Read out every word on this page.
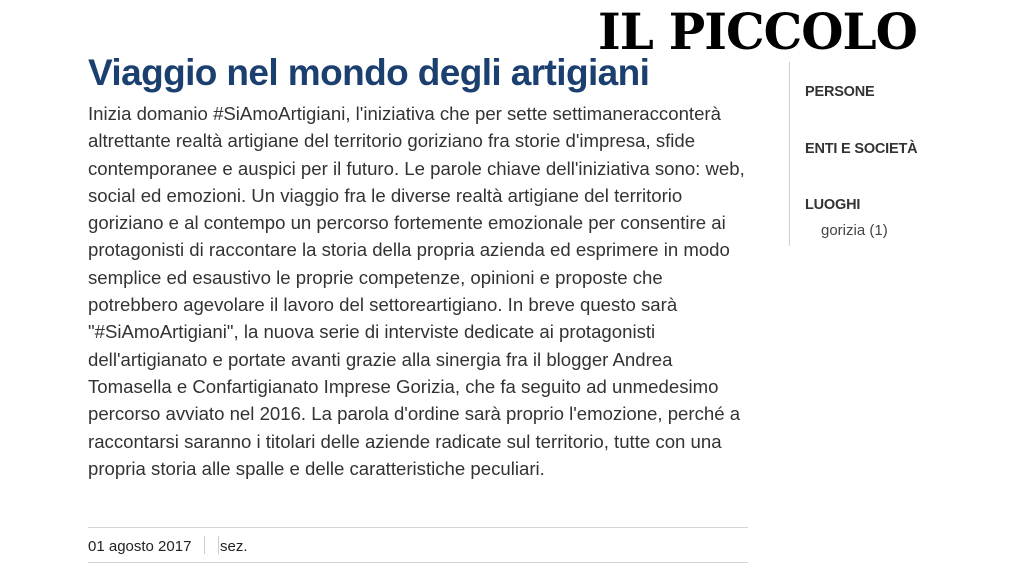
IL PICCOLO
Viaggio nel mondo degli artigiani

Inizia domanio #SiAmoArtigiani, l'iniziativa che per sette settimaneracconterà altrettante realtà artigiane del territorio goriziano fra storie d'impresa, sfide contemporanee e auspici per il futuro. Le parole chiave dell'iniziativa sono: web, social ed emozioni. Un viaggio fra le diverse realtà artigiane del territorio goriziano e al contempo un percorso fortemente emozionale per consentire ai protagonisti di raccontare la storia della propria azienda ed esprimere in modo semplice ed esaustivo le proprie competenze, opinioni e proposte che potrebbero agevolare il lavoro del settoreartigiano. In breve questo sarà "#SiAmoArtigiani", la nuova serie di interviste dedicate ai protagonisti dell'artigianato e portate avanti grazie alla sinergia fra il blogger Andrea Tomasella e Confartigianato Imprese Gorizia, che fa seguito ad unmedesimo percorso avviato nel 2016. La parola d'ordine sarà proprio l'emozione, perché a raccontarsi saranno i titolari delle aziende radicate sul territorio, tutte con una propria storia alle spalle e delle caratteristiche peculiari.

01 agosto 2017 sez.
PERSONE
ENTI E SOCIETÀ
LUOGHI
gorizia (1)
